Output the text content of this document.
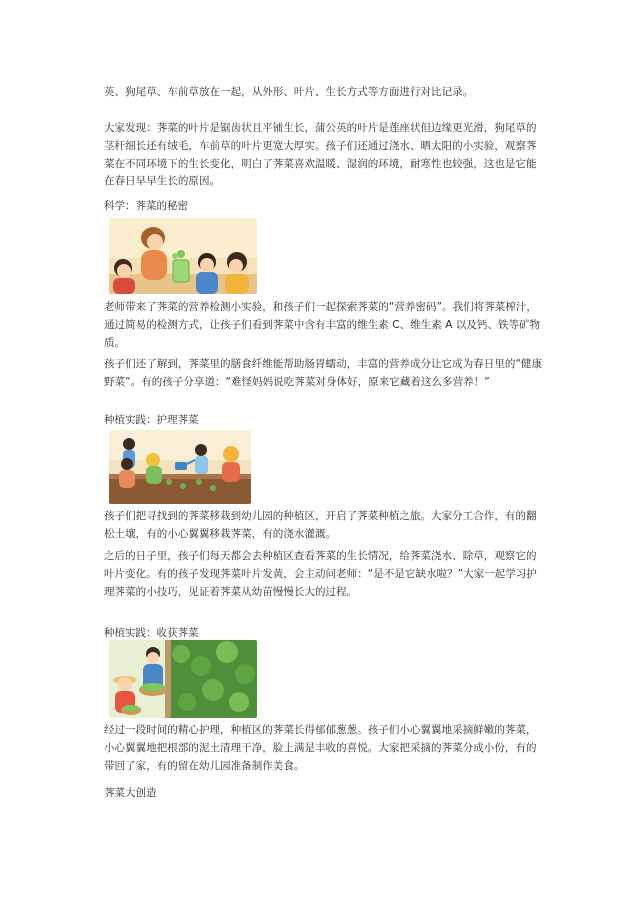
英、狗尾草、车前草放在一起，从外形、叶片、生长方式等方面进行对比记录。

大家发现：荠菜的叶片是锯齿状且平铺生长，蒲公英的叶片是莲座状但边缘更光滑，狗尾草的茎秆细长还有绒毛，车前草的叶片更宽大厚实。孩子们还通过浇水、晒太阳的小实验，观察荠菜在不同环境下的生长变化，明白了荠菜喜欢温暖、湿润的环境，耐寒性也较强，这也是它能在春日早早生长的原因。

科学：荠菜的秘密

老师带来了荠菜的营养检测小实验，和孩子们一起探索荠菜的“营养密码”。我们将荠菜榨汁，通过简易的检测方式，让孩子们看到荠菜中含有丰富的维生素 C、维生素 A 以及钙、铁等矿物质。

孩子们还了解到，荠菜里的膳食纤维能帮助肠胃蠕动，丰富的营养成分让它成为春日里的“健康野菜”。有的孩子分享道：“难怪妈妈说吃荠菜对身体好，原来它藏着这么多营养！”

种植实践：护理荠菜

孩子们把寻找到的荠菜移栽到幼儿园的种植区，开启了荠菜种植之旅。大家分工合作，有的翻松土壤，有的小心翼翼移栽荠菜，有的浇水灌溉。

之后的日子里，孩子们每天都会去种植区查看荠菜的生长情况，给荠菜浇水、除草，观察它的叶片变化。有的孩子发现荠菜叶片发黄，会主动问老师：“是不是它缺水啦？”大家一起学习护理荠菜的小技巧，见证着荠菜从幼苗慢慢长大的过程。

种植实践：收获荠菜

经过一段时间的精心护理，种植区的荠菜长得郁郁葱葱。孩子们小心翼翼地采摘鲜嫩的荠菜，小心翼翼地把根部的泥土清理干净，脸上满是丰收的喜悦。大家把采摘的荠菜分成小份，有的带回了家，有的留在幼儿园准备制作美食。

荠菜大创造
